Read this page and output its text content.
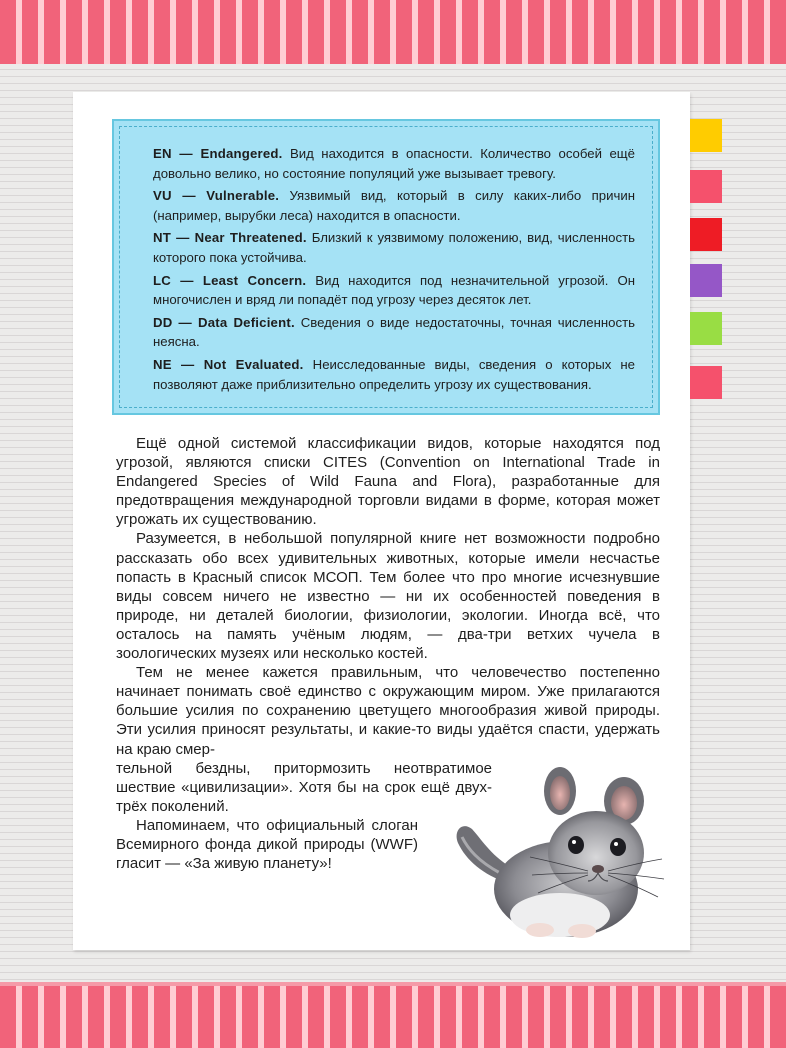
EN — Endangered. Вид находится в опасности. Количество особей ещё довольно велико, но состояние популяций уже вызывает тревогу.

VU — Vulnerable. Уязвимый вид, который в силу каких-либо причин (например, вырубки леса) находится в опасности.

NT — Near Threatened. Близкий к уязвимому положению, вид, численность которого пока устойчива.

LC — Least Concern. Вид находится под незначительной угрозой. Он многочислен и вряд ли попадёт под угрозу через десяток лет.

DD — Data Deficient. Сведения о виде недостаточны, точная численность неясна.

NE — Not Evaluated. Неисследованные виды, сведения о которых не позволяют даже приблизительно определить угрозу их существования.

Ещё одной системой классификации видов, которые находятся под угрозой, являются списки CITES (Convention on International Trade in Endangered Species of Wild Fauna and Flora), разработанные для предотвращения международной торговли видами в форме, которая может угрожать их существованию.

Разумеется, в небольшой популярной книге нет возможности подробно рассказать обо всех удивительных животных, которые имели несчастье попасть в Красный список МСОП. Тем более что про многие исчезнувшие виды совсем ничего не известно — ни их особенностей поведения в природе, ни деталей биологии, физиологии, экологии. Иногда всё, что осталось на память учёным людям, — два-три ветхих чучела в зоологических музеях или несколько костей.

Тем не менее кажется правильным, что человечество постепенно начинает понимать своё единство с окружающим миром. Уже прилагаются большие усилия по сохранению цветущего многообразия живой природы. Эти усилия приносят результаты, и какие-то виды удаётся спасти, удержать на краю смер-

тельной бездны, притормозить неотвратимое шествие «цивилизации». Хотя бы на срок ещё двух-трёх поколений.

Напоминаем, что официальный слоган Всемирного фонда дикой природы (WWF) гласит — «За живую планету»!
